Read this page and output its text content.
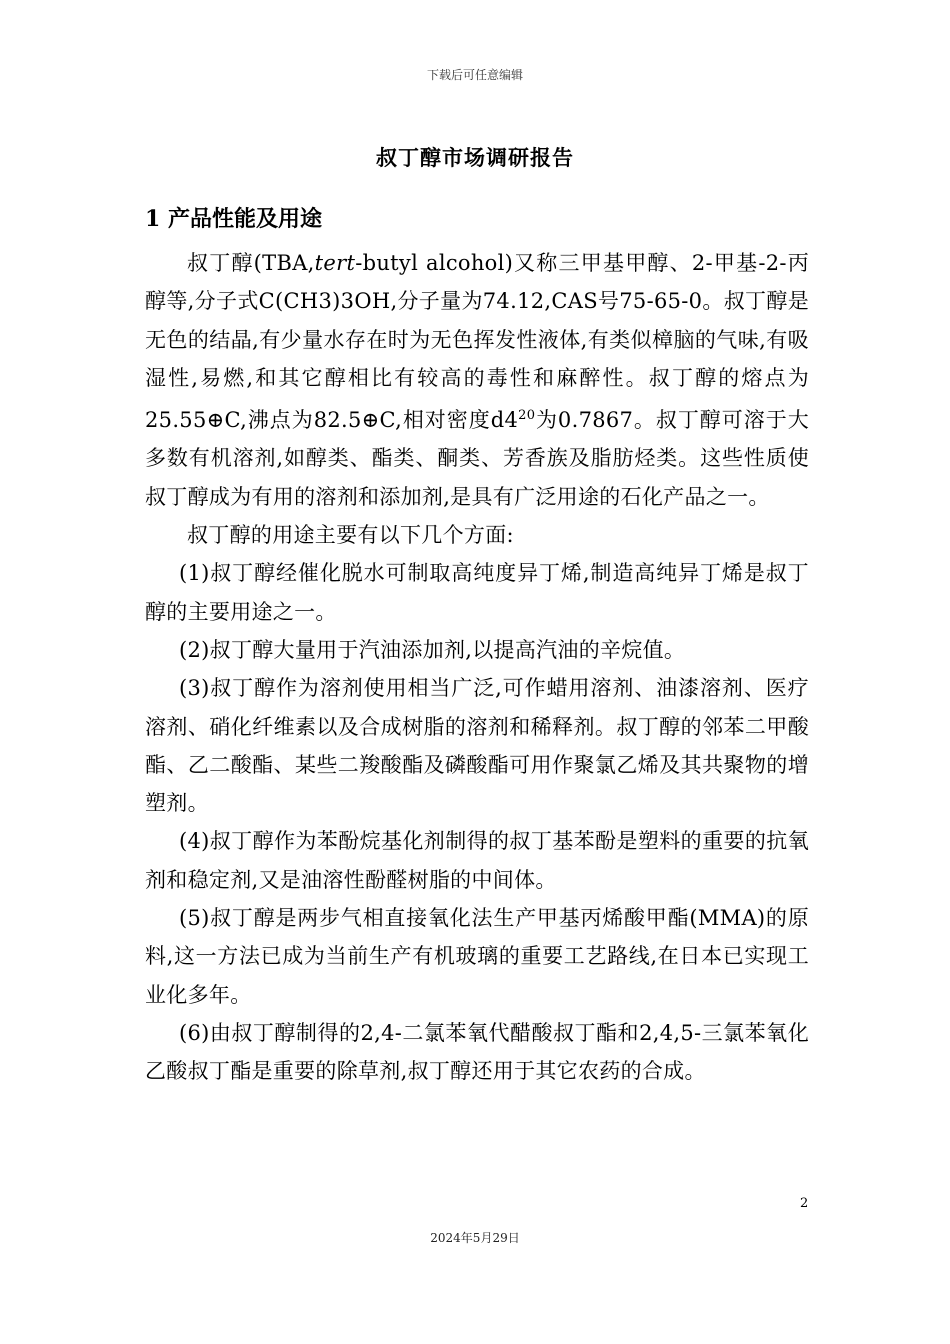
下载后可任意编辑
叔丁醇市场调研报告
1 产品性能及用途

叔丁醇(TBA,tert-butyl alcohol)又称三甲基甲醇、2-甲基-2-丙醇等,分子式C(CH3)3OH,分子量为74.12,CAS号75-65-0。叔丁醇是无色的结晶,有少量水存在时为无色挥发性液体,有类似樟脑的气味,有吸湿性,易燃,和其它醇相比有较高的毒性和麻醉性。叔丁醇的熔点为25.55⊕C,沸点为82.5⊕C,相对密度$d4^{20}$为0.7867。叔丁醇可溶于大多数有机溶剂,如醇类、酯类、酮类、芳香族及脂肪烃类。这些性质使叔丁醇成为有用的溶剂和添加剂,是具有广泛用途的石化产品之一。

叔丁醇的用途主要有以下几个方面:

(1)叔丁醇经催化脱水可制取高纯度异丁烯,制造高纯异丁烯是叔丁醇的主要用途之一。

(2)叔丁醇大量用于汽油添加剂,以提高汽油的辛烷值。

(3)叔丁醇作为溶剂使用相当广泛,可作蜡用溶剂、油漆溶剂、医疗溶剂、硝化纤维素以及合成树脂的溶剂和稀释剂。叔丁醇的邻苯二甲酸酯、乙二酸酯、某些二羧酸酯及磷酸酯可用作聚氯乙烯及其共聚物的增塑剂。

(4)叔丁醇作为苯酚烷基化剂制得的叔丁基苯酚是塑料的重要的抗氧剂和稳定剂,又是油溶性酚醛树脂的中间体。

(5)叔丁醇是两步气相直接氧化法生产甲基丙烯酸甲酯(MMA)的原料,这一方法已成为当前生产有机玻璃的重要工艺路线,在日本已实现工业化多年。

(6)由叔丁醇制得的2,4-二氯苯氧代醋酸叔丁酯和2,4,5-三氯苯氧化乙酸叔丁酯是重要的除草剂,叔丁醇还用于其它农药的合成。

2
2024年5月29日
